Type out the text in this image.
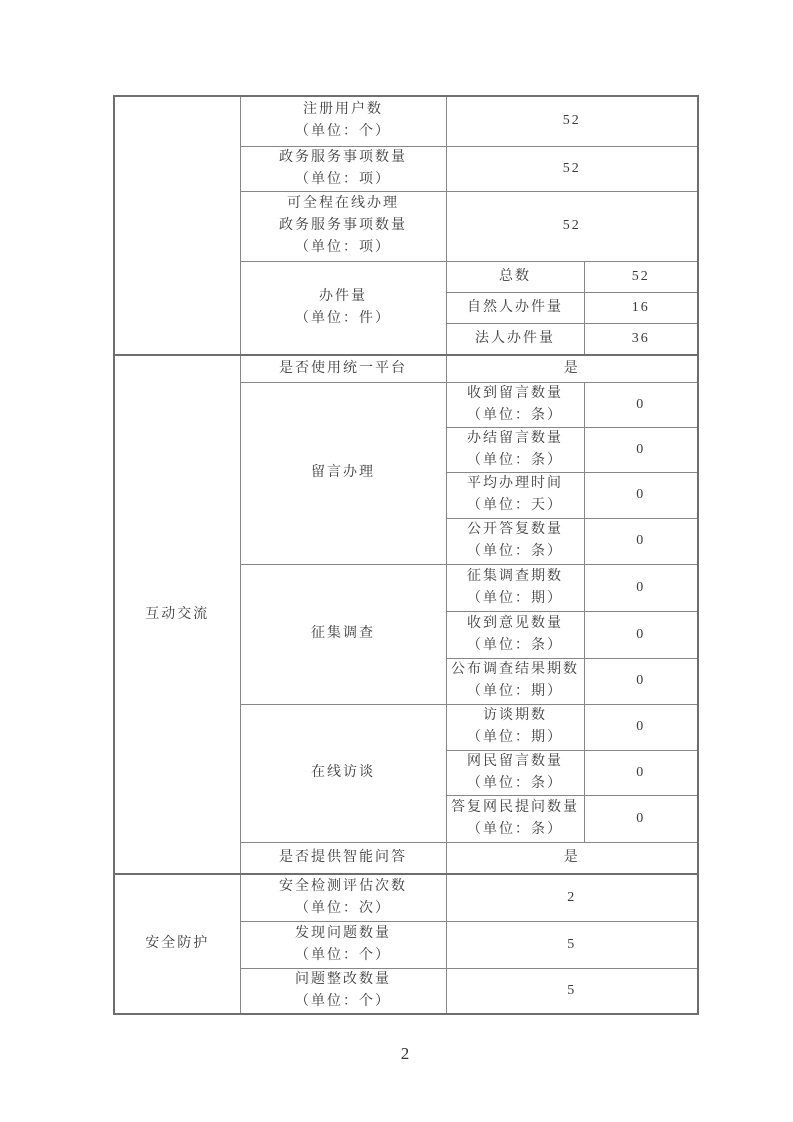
	注册用户数
（单位：个）	52	

	政务服务事项数量
（单位：项）	52	

	可全程在线办理
政务服务事项数量
（单位：项）	52	

	办件量
（单位：件）	总数	52
		自然人办件量	16
		法人办件量	36
互动交流	是否使用统一平台	是	
	留言办理	收到留言数量
（单位：条）	0

		办结留言数量
（单位：条）	0

		平均办理时间
（单位：天）	0

		公开答复数量
（单位：条）	0
	征集调查	征集调查期数
（单位：期）	0

		收到意见数量
（单位：条）	0

		公布调查结果期数
（单位：期）	0
	在线访谈	访谈期数
（单位：期）	0

		网民留言数量
（单位：条）	0

		答复网民提问数量
（单位：条）	0
	是否提供智能问答	是	
安全防护	安全检测评估次数
（单位：次）	2	

	发现问题数量
（单位：个）	5	

	问题整改数量
（单位：个）	5	
2
